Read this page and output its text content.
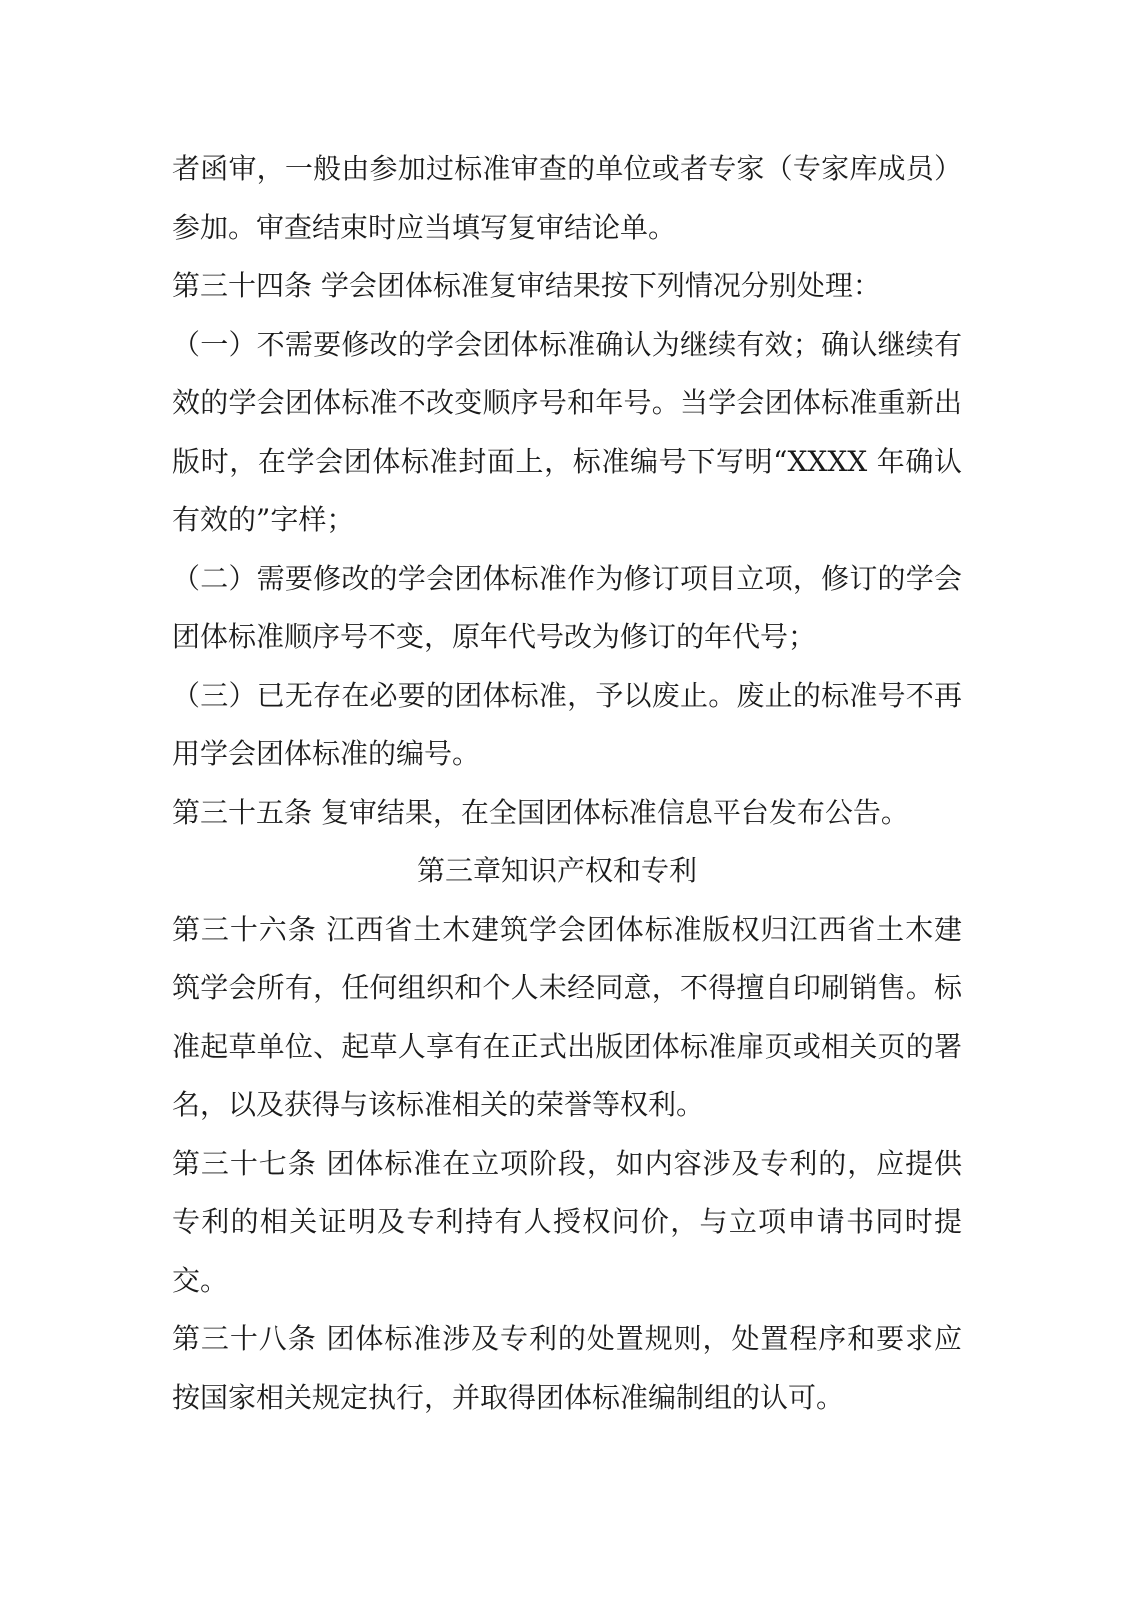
者函审，一般由参加过标准审查的单位或者专家（专家库成员）
参加。审查结束时应当填写复审结论单。
第三十四条 学会团体标准复审结果按下列情况分别处理：
（一）不需要修改的学会团体标准确认为继续有效；确认继续有
效的学会团体标准不改变顺序号和年号。当学会团体标准重新出
版时，在学会团体标准封面上，标准编号下写明“XXXX 年确认
有效的”字样；
（二）需要修改的学会团体标准作为修订项目立项，修订的学会
团体标准顺序号不变，原年代号改为修订的年代号；
（三）已无存在必要的团体标准，予以废止。废止的标准号不再
用学会团体标准的编号。
第三十五条 复审结果，在全国团体标准信息平台发布公告。
第三章知识产权和专利
第三十六条 江西省土木建筑学会团体标准版权归江西省土木建
筑学会所有，任何组织和个人未经同意，不得擅自印刷销售。标
准起草单位、起草人享有在正式出版团体标准扉页或相关页的署
名，以及获得与该标准相关的荣誉等权利。
第三十七条 团体标准在立项阶段，如内容涉及专利的，应提供
专利的相关证明及专利持有人授权问价，与立项申请书同时提
交。
第三十八条 团体标准涉及专利的处置规则，处置程序和要求应
按国家相关规定执行，并取得团体标准编制组的认可。
